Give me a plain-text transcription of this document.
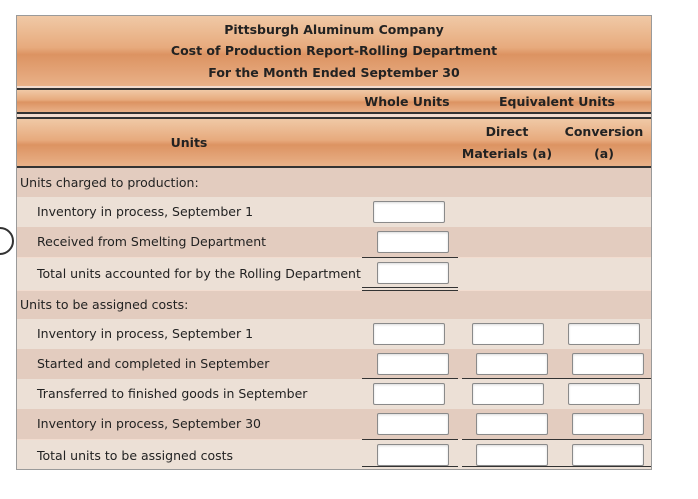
Pittsburgh Aluminum Company
Cost of Production Report-Rolling Department
For the Month Ended September 30
Whole Units	Equivalent Units
Units
Direct
Materials (a)
Conversion
(a)
Units charged to production:
Inventory in process, September 1
Received from Smelting Department
Total units accounted for by the Rolling Department
Units to be assigned costs:
Inventory in process, September 1
Started and completed in September
Transferred to finished goods in September
Inventory in process, September 30
Total units to be assigned costs
